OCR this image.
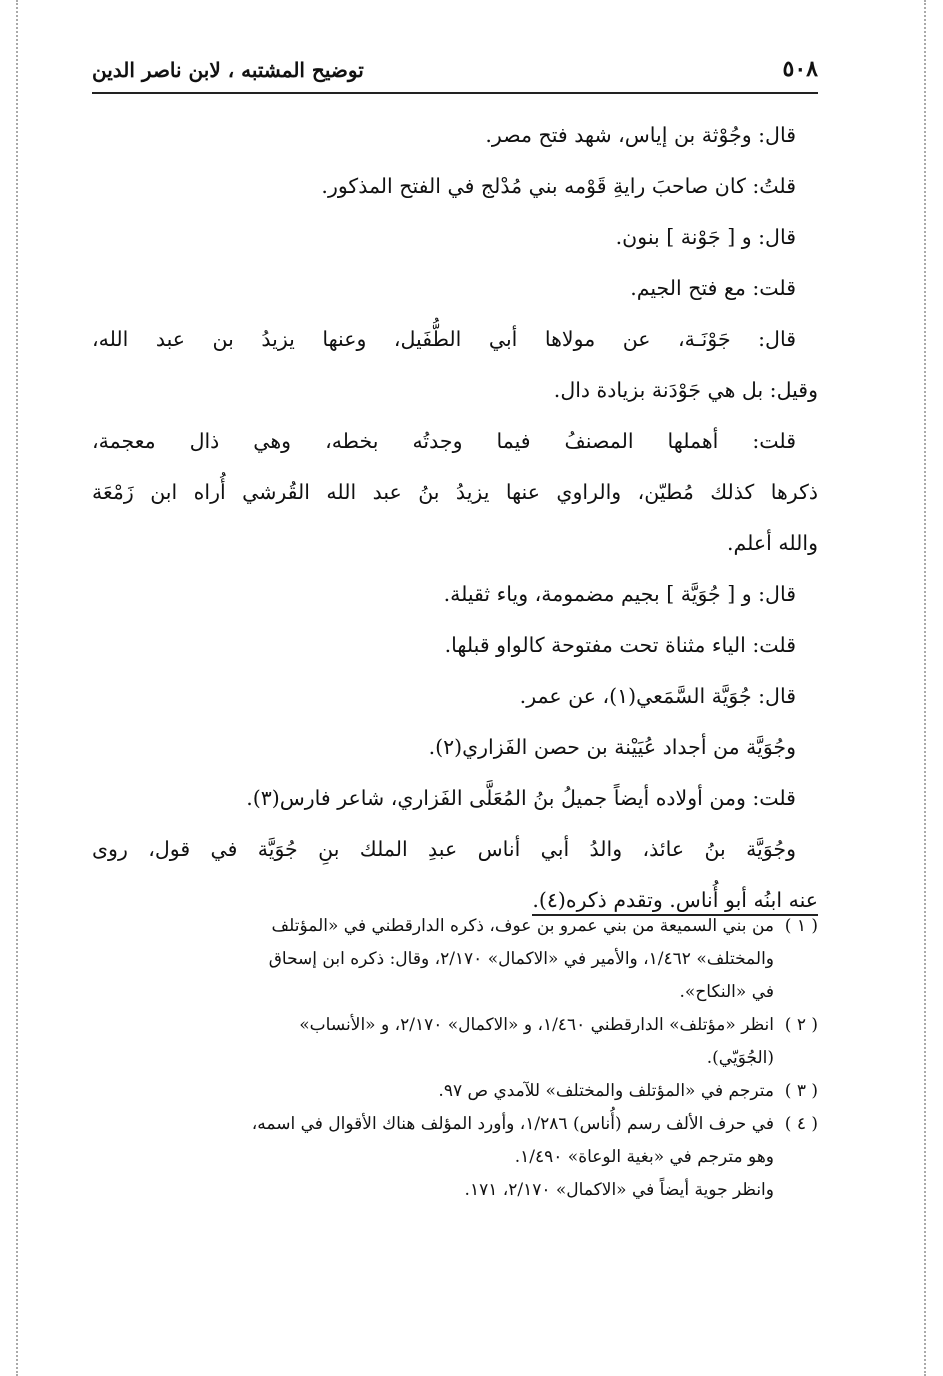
٥٠٨
توضيح المشتبه ، لابن ناصر الدين
قال: وجُوْثة بن إياس، شهد فتح مصر.
قلتُ: كان صاحبَ رايةِ قَوْمه بني مُدْلج في الفتح المذكور.
قال: و [ جَوْنة ] بنون.
قلت: مع فتح الجيم.
قال: جَوْنَـة، عن مولاها أبي الطُّفَيل، وعنها يزيدُ بن عبد الله،
وقيل: بل هي جَوْدَنة بزيادة دال.
قلت: أهملها المصنفُ فيما وجدتُه بخطه، وهي ذال معجمة،
ذكرها كذلك مُطيّن، والراوي عنها يزيدُ بنُ عبد الله القُرشي أُراه ابن زَمْعَة
والله أعلم.
قال: و [ جُوَيَّة ] بجيم مضمومة، وياء ثقيلة.
قلت: الياء مثناة تحت مفتوحة كالواو قبلها.
قال: جُوَيَّة السَّمَعي(١)، عن عمر.
وجُوَيَّة من أجداد عُيَيْنة بن حصن الفَزاري(٢).
قلت: ومن أولاده أيضاً جميلُ بنُ المُعَلَّى الفَزاري، شاعر فارس(٣).
وجُوَيَّة بنُ عائذ، والدُ أبي أناس عبدِ الملك بنِ جُوَيَّة في قول، روى
عنه ابنُه أبو أُناس. وتقدم ذكره(٤).
( ١ )من بني السميعة من بني عمرو بن عوف، ذكره الدارقطني في «المؤتلف
والمختلف» ١/٤٦٢، والأمير في «الاكمال» ٢/١٧٠، وقال: ذكره ابن إسحاق
في «النكاح».
( ٢ )انظر «مؤتلف» الدارقطني ١/٤٦٠، و «الاكمال» ٢/١٧٠، و «الأنساب»
(الجُوَيّي).
( ٣ )مترجم في «المؤتلف والمختلف» للآمدي ص ٩٧.
( ٤ )في حرف الألف رسم (أُناس) ١/٢٨٦، وأورد المؤلف هناك الأقوال في اسمه،
وهو مترجم في «بغية الوعاة» ١/٤٩٠.
وانظر جوية أيضاً في «الاكمال» ٢/١٧٠، ١٧١.
